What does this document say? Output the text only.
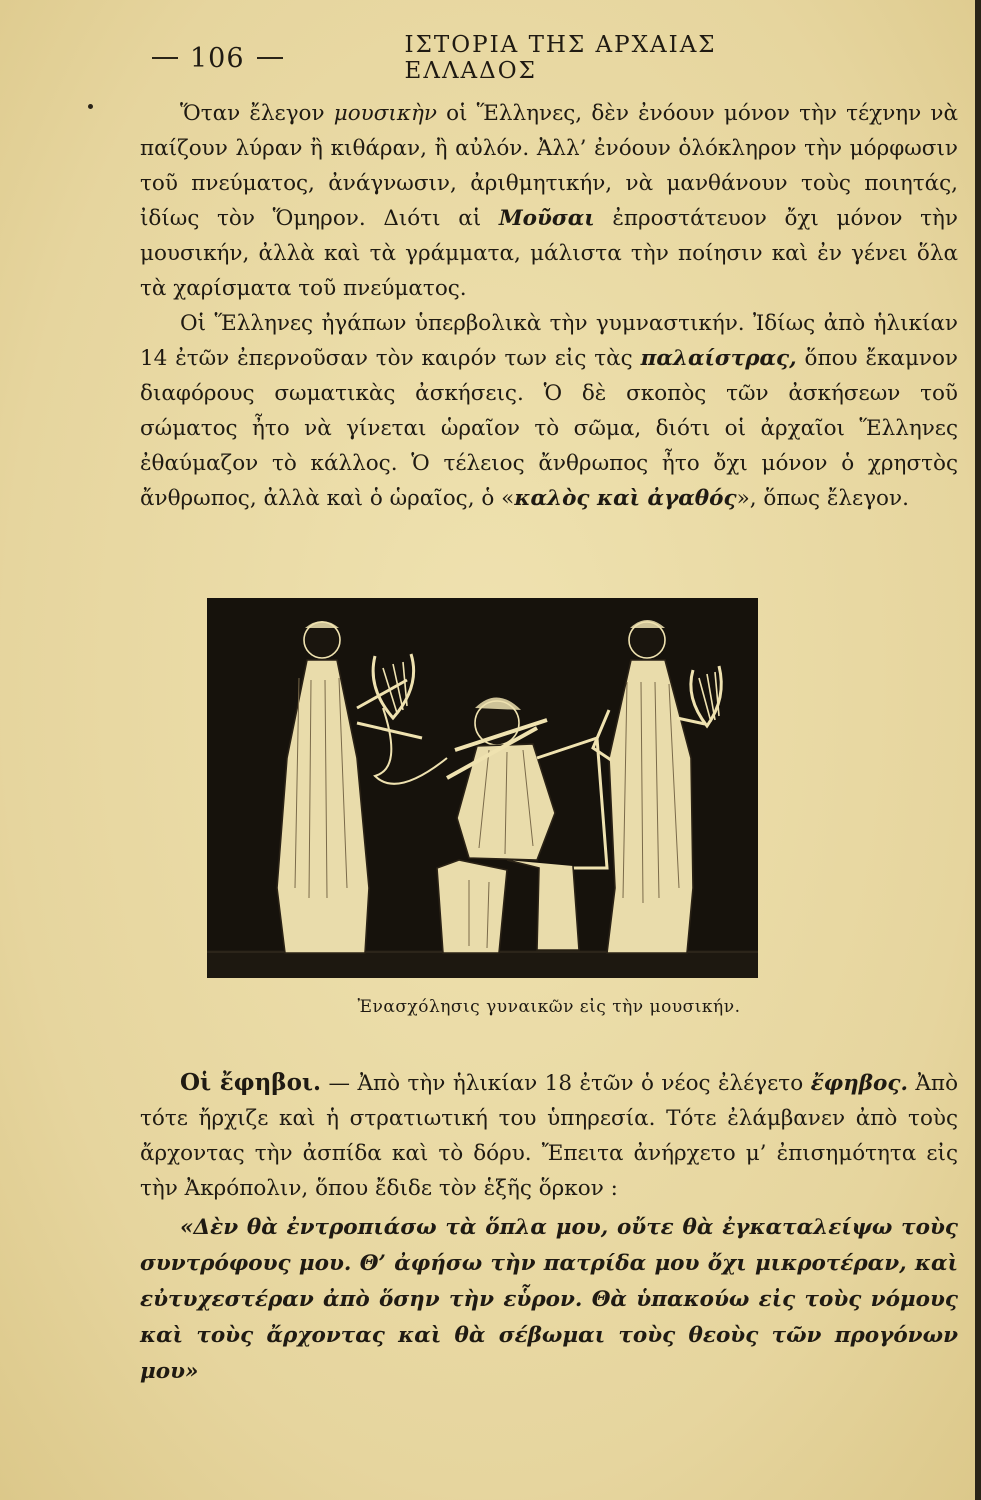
106	ΙΣΤΟΡΙΑ ΤΗΣ ΑΡΧΑΙΑΣ ΕΛΛΑΔΟΣ

Ὅταν ἔλεγον μουσικὴν οἱ Ἕλληνες, δὲν ἐνόουν μόνον τὴν τέχνην νὰ παίζουν λύραν ἢ κιθάραν, ἢ αὐλόν. Ἀλλ’ ἐνόουν ὁλόκληρον τὴν μόρφωσιν τοῦ πνεύματος, ἀνάγνωσιν, ἀριθμητικήν, νὰ μανθάνουν τοὺς ποιητάς, ἰδίως τὸν Ὅμηρον. Διότι αἱ Μοῦσαι ἐπροστάτευον ὄχι μόνον τὴν μουσικήν, ἀλλὰ καὶ τὰ γράμματα, μάλιστα τὴν ποίησιν καὶ ἐν γένει ὅλα τὰ χαρίσματα τοῦ πνεύματος.

Οἱ Ἕλληνες ἠγάπων ὑπερβολικὰ τὴν γυμναστικήν. Ἰδίως ἀπὸ ἡλικίαν 14 ἐτῶν ἐπερνοῦσαν τὸν καιρόν των εἰς τὰς παλαίστρας, ὅπου ἔκαμνον διαφόρους σωματικὰς ἀσκήσεις. Ὁ δὲ σκοπὸς τῶν ἀσκήσεων τοῦ σώματος ἦτο νὰ γίνεται ὡραῖον τὸ σῶμα, διότι οἱ ἀρχαῖοι Ἕλληνες ἐθαύμαζον τὸ κάλλος. Ὁ τέλειος ἄνθρωπος ἦτο ὄχι μόνον ὁ χρηστὸς ἄνθρωπος, ἀλλὰ καὶ ὁ ὡραῖος, ὁ «καλὸς καὶ ἀγαθός», ὅπως ἔλεγον.

Ἐνασχόλησις γυναικῶν εἰς τὴν μουσικήν.

Οἱ ἔφηβοι. — Ἀπὸ τὴν ἡλικίαν 18 ἐτῶν ὁ νέος ἐλέγετο ἔφηβος. Ἀπὸ τότε ἤρχιζε καὶ ἡ στρατιωτική του ὑπηρεσία. Τότε ἐλάμβανεν ἀπὸ τοὺς ἄρχοντας τὴν ἀσπίδα καὶ τὸ δόρυ. Ἔπειτα ἀνήρχετο μ’ ἐπισημότητα εἰς τὴν Ἀκρόπολιν, ὅπου ἔδιδε τὸν ἑξῆς ὅρκον :

«Δὲν θὰ ἐντροπιάσω τὰ ὅπλα μου, οὔτε θὰ ἐγκαταλείψω τοὺς συντρόφους μου. Θ’ ἀφήσω τὴν πατρίδα μου ὄχι μικροτέραν, καὶ εὐτυχεστέραν ἀπὸ ὅσην τὴν εὗρον. Θὰ ὑπακούω εἰς τοὺς νόμους καὶ τοὺς ἄρχοντας καὶ θὰ σέβωμαι τοὺς θεοὺς τῶν προγόνων μου»
